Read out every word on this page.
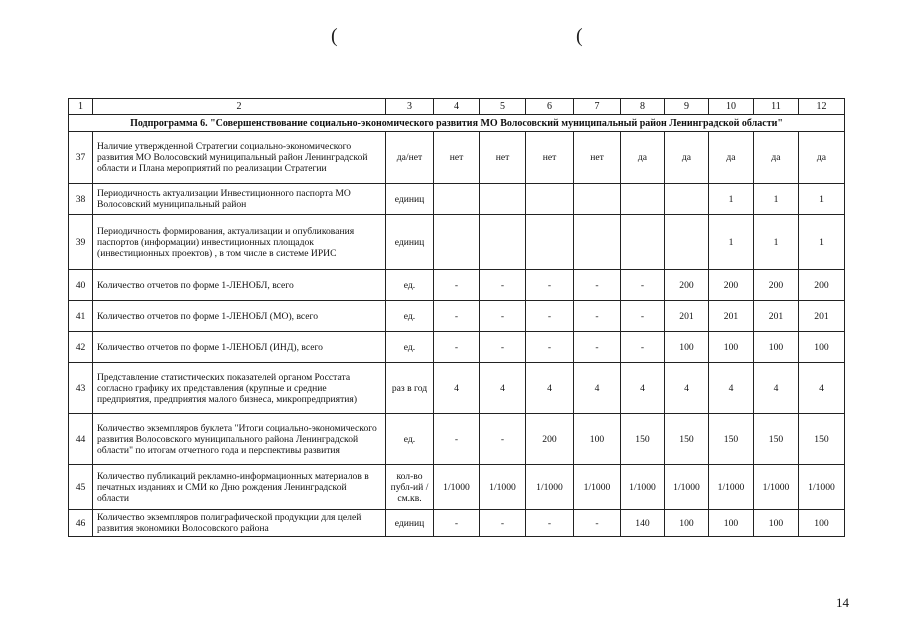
(	(
1	2	3	4	5	6	7	8	9	10	11	12
Подпрограмма 6. "Совершенствование социально-экономического развития МО Волосовский муниципальный район Ленинградской области"											
37	Наличие утвержденной Стратегии социально-экономического развития МО Волосовский муниципальный район Ленинградской области и Плана мероприятий по реализации Стратегии	да/нет	нет	нет	нет	нет	да	да	да	да	да
38	Периодичность актуализации Инвестиционного паспорта МО Волосовский муниципальный район	единиц							1	1	1
39	Периодичность формирования, актуализации и опубликования паспортов (информации) инвестиционных площадок (инвестиционных проектов) , в том числе в системе ИРИС	единиц							1	1	1
40	Количество отчетов по форме 1-ЛЕНОБЛ, всего	ед.	-	-	-	-	-	200	200	200	200
41	Количество отчетов по форме 1-ЛЕНОБЛ (МО), всего	ед.	-	-	-	-	-	201	201	201	201
42	Количество отчетов по форме 1-ЛЕНОБЛ (ИНД), всего	ед.	-	-	-	-	-	100	100	100	100
43	Представление статистических показателей органом Росстата согласно графику их представления (крупные и средние предприятия, предприятия малого бизнеса, микропредприятия)	раз в год	4	4	4	4	4	4	4	4	4
44	Количество экземпляров буклета "Итоги социально-экономического развития Волосовского муниципального района Ленинградской области" по итогам отчетного года и перспективы развития	ед.	-	-	200	100	150	150	150	150	150
45	Количество публикаций рекламно-информационных материалов в печатных изданиях и СМИ ко Дню рождения Ленинградской области	кол-во публ-ий / см.кв.	1/1000	1/1000	1/1000	1/1000	1/1000	1/1000	1/1000	1/1000	1/1000
46	Количество экземпляров полиграфической продукции для целей развития экономики Волосовского района	единиц	-	-	-	-	140	100	100	100	100
14
